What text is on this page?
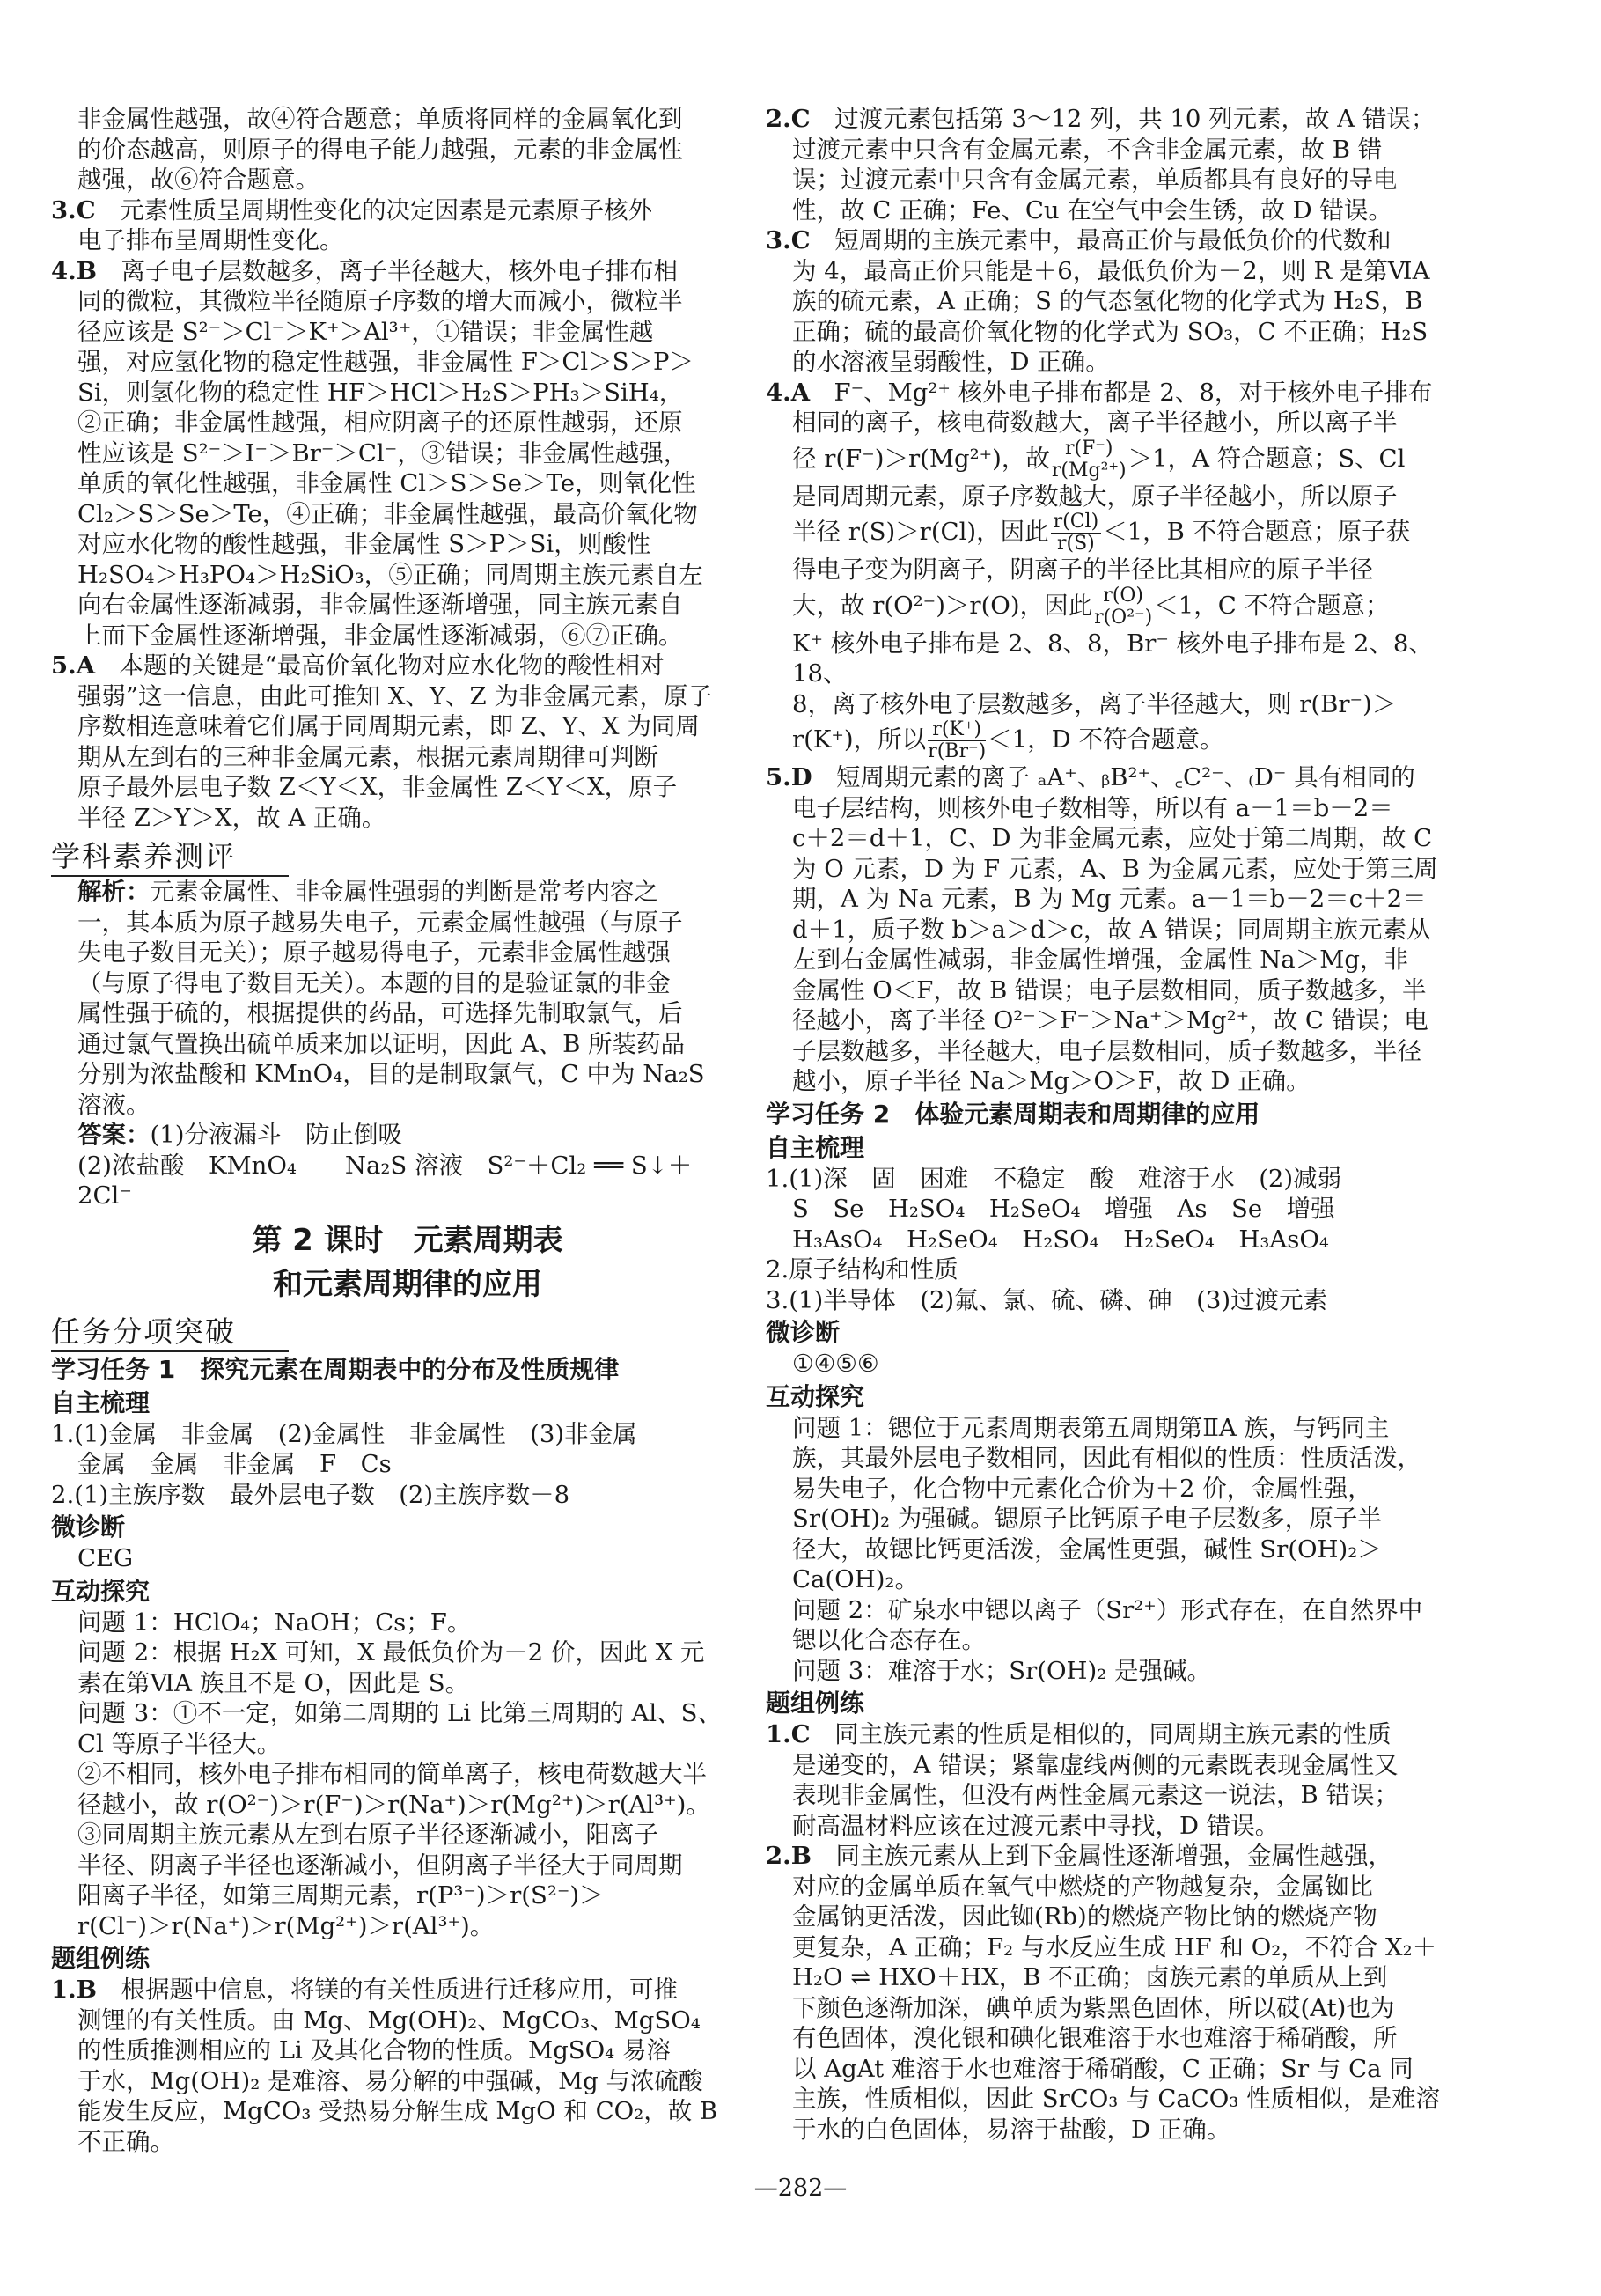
非金属性越强，故④符合题意；单质将同样的金属氧化到

的价态越高，则原子的得电子能力越强，元素的非金属性

越强，故⑥符合题意。

3.C　元素性质呈周期性变化的决定因素是元素原子核外

电子排布呈周期性变化。

4.B　离子电子层数越多，离子半径越大，核外电子排布相

同的微粒，其微粒半径随原子序数的增大而减小，微粒半

径应该是 S²⁻＞Cl⁻＞K⁺＞Al³⁺，①错误；非金属性越

强，对应氢化物的稳定性越强，非金属性 F＞Cl＞S＞P＞

Si，则氢化物的稳定性 HF＞HCl＞H₂S＞PH₃＞SiH₄，

②正确；非金属性越强，相应阴离子的还原性越弱，还原

性应该是 S²⁻＞I⁻＞Br⁻＞Cl⁻，③错误；非金属性越强，

单质的氧化性越强，非金属性 Cl＞S＞Se＞Te，则氧化性

Cl₂＞S＞Se＞Te，④正确；非金属性越强，最高价氧化物

对应水化物的酸性越强，非金属性 S＞P＞Si，则酸性

H₂SO₄＞H₃PO₄＞H₂SiO₃，⑤正确；同周期主族元素自左

向右金属性逐渐减弱，非金属性逐渐增强，同主族元素自

上而下金属性逐渐增强，非金属性逐渐减弱，⑥⑦正确。

5.A　本题的关键是“最高价氧化物对应水化物的酸性相对

强弱”这一信息，由此可推知 X、Y、Z 为非金属元素，原子

序数相连意味着它们属于同周期元素，即 Z、Y、X 为同周

期从左到右的三种非金属元素，根据元素周期律可判断

原子最外层电子数 Z＜Y＜X，非金属性 Z＜Y＜X，原子

半径 Z＞Y＞X，故 A 正确。

学科素养测评

解析：元素金属性、非金属性强弱的判断是常考内容之

一，其本质为原子越易失电子，元素金属性越强（与原子

失电子数目无关）；原子越易得电子，元素非金属性越强

（与原子得电子数目无关）。本题的目的是验证氯的非金

属性强于硫的，根据提供的药品，可选择先制取氯气，后

通过氯气置换出硫单质来加以证明，因此 A、B 所装药品

分别为浓盐酸和 KMnO₄，目的是制取氯气，C 中为 Na₂S

溶液。

答案：(1)分液漏斗　防止倒吸

(2)浓盐酸　KMnO₄　　Na₂S 溶液　S²⁻＋Cl₂ ══ S↓＋

2Cl⁻

第 2 课时　元素周期表

和元素周期律的应用

任务分项突破

学习任务 1　探究元素在周期表中的分布及性质规律

自主梳理

1.(1)金属　非金属　(2)金属性　非金属性　(3)非金属

金属　金属　非金属　F　Cs

2.(1)主族序数　最外层电子数　(2)主族序数－8

微诊断

CEG

互动探究

问题 1：HClO₄；NaOH；Cs；F。

问题 2：根据 H₂X 可知，X 最低负价为－2 价，因此 X 元

素在第ⅥA 族且不是 O，因此是 S。

问题 3：①不一定，如第二周期的 Li 比第三周期的 Al、S、

Cl 等原子半径大。

②不相同，核外电子排布相同的简单离子，核电荷数越大半

径越小，故 r(O²⁻)＞r(F⁻)＞r(Na⁺)＞r(Mg²⁺)＞r(Al³⁺)。

③同周期主族元素从左到右原子半径逐渐减小，阳离子

半径、阴离子半径也逐渐减小，但阴离子半径大于同周期

阳离子半径，如第三周期元素，r(P³⁻)＞r(S²⁻)＞

r(Cl⁻)＞r(Na⁺)＞r(Mg²⁺)＞r(Al³⁺)。

题组例练

1.B　根据题中信息，将镁的有关性质进行迁移应用，可推

测锂的有关性质。由 Mg、Mg(OH)₂、MgCO₃、MgSO₄

的性质推测相应的 Li 及其化合物的性质。MgSO₄ 易溶

于水，Mg(OH)₂ 是难溶、易分解的中强碱，Mg 与浓硫酸

能发生反应，MgCO₃ 受热易分解生成 MgO 和 CO₂，故 B

不正确。

2.C　过渡元素包括第 3～12 列，共 10 列元素，故 A 错误；

过渡元素中只含有金属元素，不含非金属元素，故 B 错

误；过渡元素中只含有金属元素，单质都具有良好的导电

性，故 C 正确；Fe、Cu 在空气中会生锈，故 D 错误。

3.C　短周期的主族元素中，最高正价与最低负价的代数和

为 4，最高正价只能是＋6，最低负价为－2，则 R 是第ⅥA

族的硫元素，A 正确；S 的气态氢化物的化学式为 H₂S，B

正确；硫的最高价氧化物的化学式为 SO₃，C 不正确；H₂S

的水溶液呈弱酸性，D 正确。

4.A　F⁻、Mg²⁺ 核外电子排布都是 2、8，对于核外电子排布

相同的离子，核电荷数越大，离子半径越小，所以离子半

径 r(F⁻)＞r(Mg²⁺)，故 $\frac{r(F^-)}{\text{r(Mg²⁺)}} >1$，A 符合题意；S、Cl

是同周期元素，原子序数越大，原子半径越小，所以原子

半径 r(S)＞r(Cl)，因此 $\frac{r(Cl)}{r(S)} <1$，B 不符合题意；原子获

得电子变为阴离子，阴离子的半径比其相应的原子半径

大，故 r(O²⁻)＞r(O)，因此 $\frac{r(O)}{\text{r(O²⁻)}} <1$，C 不符合题意；

K⁺ 核外电子排布是 2、8、8，Br⁻ 核外电子排布是 2、8、18、

8，离子核外电子层数越多，离子半径越大，则 r(Br⁻)＞

r(K⁺)，所以 $\frac{r(K^+)}{r(Br^-)} <1$，D 不符合题意。

5.D　短周期元素的离子 ₐA⁺、ᵦB²⁺、꜀C²⁻、₍D⁻ 具有相同的

电子层结构，则核外电子数相等，所以有 a－1＝b－2＝

c＋2＝d＋1，C、D 为非金属元素，应处于第二周期，故 C

为 O 元素，D 为 F 元素，A、B 为金属元素，应处于第三周

期，A 为 Na 元素，B 为 Mg 元素。a－1＝b－2＝c＋2＝

d＋1，质子数 b＞a＞d＞c，故 A 错误；同周期主族元素从

左到右金属性减弱，非金属性增强，金属性 Na＞Mg，非

金属性 O＜F，故 B 错误；电子层数相同，质子数越多，半

径越小，离子半径 O²⁻＞F⁻＞Na⁺＞Mg²⁺，故 C 错误；电

子层数越多，半径越大，电子层数相同，质子数越多，半径

越小，原子半径 Na＞Mg＞O＞F，故 D 正确。

学习任务 2　体验元素周期表和周期律的应用

自主梳理

1.(1)深　固　困难　不稳定　酸　难溶于水　(2)减弱

S　Se　H₂SO₄　H₂SeO₄　增强　As　Se　增强

H₃AsO₄　H₂SeO₄　H₂SO₄　H₂SeO₄　H₃AsO₄

2.原子结构和性质

3.(1)半导体　(2)氟、氯、硫、磷、砷　(3)过渡元素

微诊断

①④⑤⑥

互动探究

问题 1：锶位于元素周期表第五周期第ⅡA 族，与钙同主

族，其最外层电子数相同，因此有相似的性质：性质活泼，

易失电子，化合物中元素化合价为＋2 价，金属性强，

Sr(OH)₂ 为强碱。锶原子比钙原子电子层数多，原子半

径大，故锶比钙更活泼，金属性更强，碱性 Sr(OH)₂＞

Ca(OH)₂。

问题 2：矿泉水中锶以离子（Sr²⁺）形式存在，在自然界中

锶以化合态存在。

问题 3：难溶于水；Sr(OH)₂ 是强碱。

题组例练

1.C　同主族元素的性质是相似的，同周期主族元素的性质

是递变的，A 错误；紧靠虚线两侧的元素既表现金属性又

表现非金属性，但没有两性金属元素这一说法，B 错误；

耐高温材料应该在过渡元素中寻找，D 错误。

2.B　同主族元素从上到下金属性逐渐增强，金属性越强，

对应的金属单质在氧气中燃烧的产物越复杂，金属铷比

金属钠更活泼，因此铷(Rb)的燃烧产物比钠的燃烧产物

更复杂，A 正确；F₂ 与水反应生成 HF 和 O₂，不符合 X₂＋

H₂O ⇌ HXO＋HX，B 不正确；卤族元素的单质从上到

下颜色逐渐加深，碘单质为紫黑色固体，所以砹(At)也为

有色固体，溴化银和碘化银难溶于水也难溶于稀硝酸，所

以 AgAt 难溶于水也难溶于稀硝酸，C 正确；Sr 与 Ca 同

主族，性质相似，因此 SrCO₃ 与 CaCO₃ 性质相似，是难溶

于水的白色固体，易溶于盐酸，D 正确。

—282—
